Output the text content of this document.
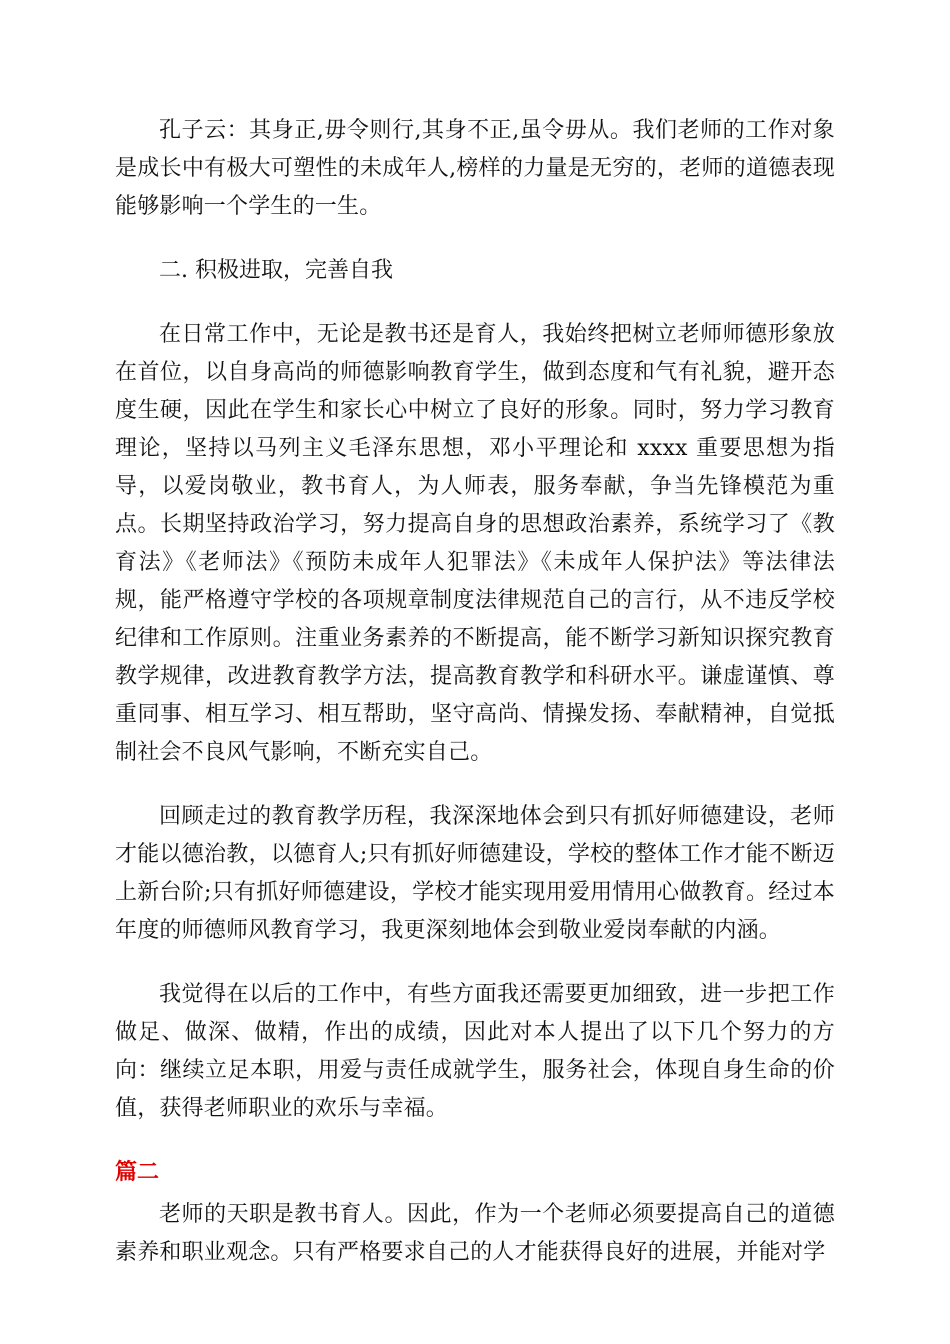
孔子云：其身正,毋令则行,其身不正,虽令毋从。我们老师的工作对象是成长中有极大可塑性的未成年人,榜样的力量是无穷的，老师的道德表现能够影响一个学生的一生。

二. 积极进取，完善自我

在日常工作中，无论是教书还是育人，我始终把树立老师师德形象放在首位，以自身高尚的师德影响教育学生，做到态度和气有礼貌，避开态度生硬，因此在学生和家长心中树立了良好的形象。同时，努力学习教育理论，坚持以马列主义毛泽东思想，邓小平理论和 xxxx 重要思想为指导，以爱岗敬业，教书育人，为人师表，服务奉献，争当先锋模范为重点。长期坚持政治学习，努力提高自身的思想政治素养，系统学习了《教育法》《老师法》《预防未成年人犯罪法》《未成年人保护法》等法律法规，能严格遵守学校的各项规章制度法律规范自己的言行，从不违反学校纪律和工作原则。注重业务素养的不断提高，能不断学习新知识探究教育教学规律，改进教育教学方法，提高教育教学和科研水平。谦虚谨慎、尊重同事、相互学习、相互帮助，坚守高尚、情操发扬、奉献精神，自觉抵制社会不良风气影响，不断充实自己。

回顾走过的教育教学历程，我深深地体会到只有抓好师德建设，老师才能以德治教，以德育人;只有抓好师德建设，学校的整体工作才能不断迈上新台阶;只有抓好师德建设，学校才能实现用爱用情用心做教育。经过本年度的师德师风教育学习，我更深刻地体会到敬业爱岗奉献的内涵。

我觉得在以后的工作中，有些方面我还需要更加细致，进一步把工作做足、做深、做精，作出的成绩，因此对本人提出了以下几个努力的方向：继续立足本职，用爱与责任成就学生，服务社会，体现自身生命的价值，获得老师职业的欢乐与幸福。

篇二

老师的天职是教书育人。因此，作为一个老师必须要提高自己的道德素养和职业观念。只有严格要求自己的人才能获得良好的进展，并能对学
